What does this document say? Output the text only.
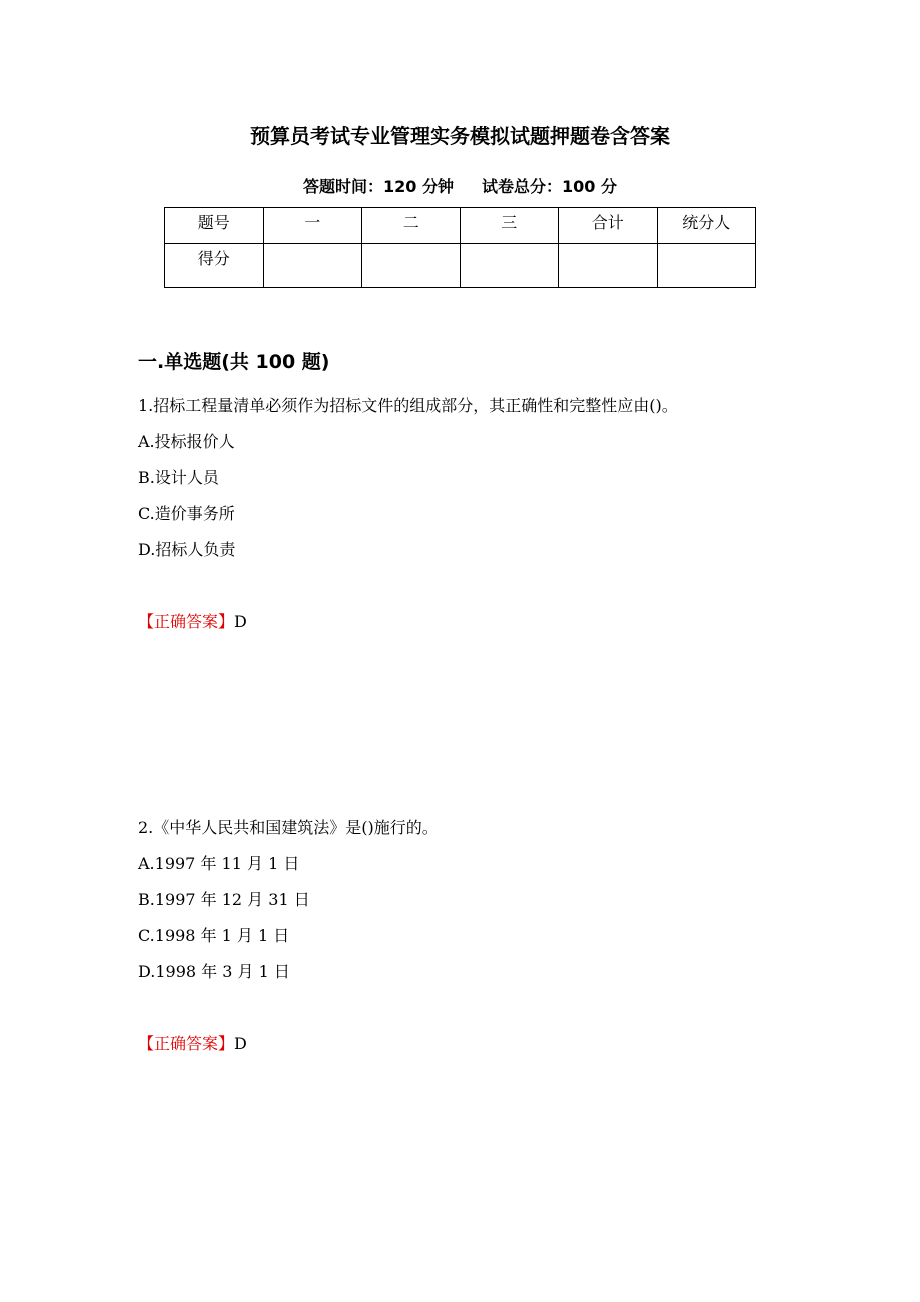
预算员考试专业管理实务模拟试题押题卷含答案
答题时间：120 分钟 试卷总分：100 分
题号	一	二	三	合计	统分人
得分					
一.单选题(共 100 题)
1.招标工程量清单必须作为招标文件的组成部分，其正确性和完整性应由()。
A.投标报价人
B.设计人员
C.造价事务所
D.招标人负责
【正确答案】D
2.《中华人民共和国建筑法》是()施行的。
A.1997 年 11 月 1 日
B.1997 年 12 月 31 日
C.1998 年 1 月 1 日
D.1998 年 3 月 1 日
【正确答案】D
